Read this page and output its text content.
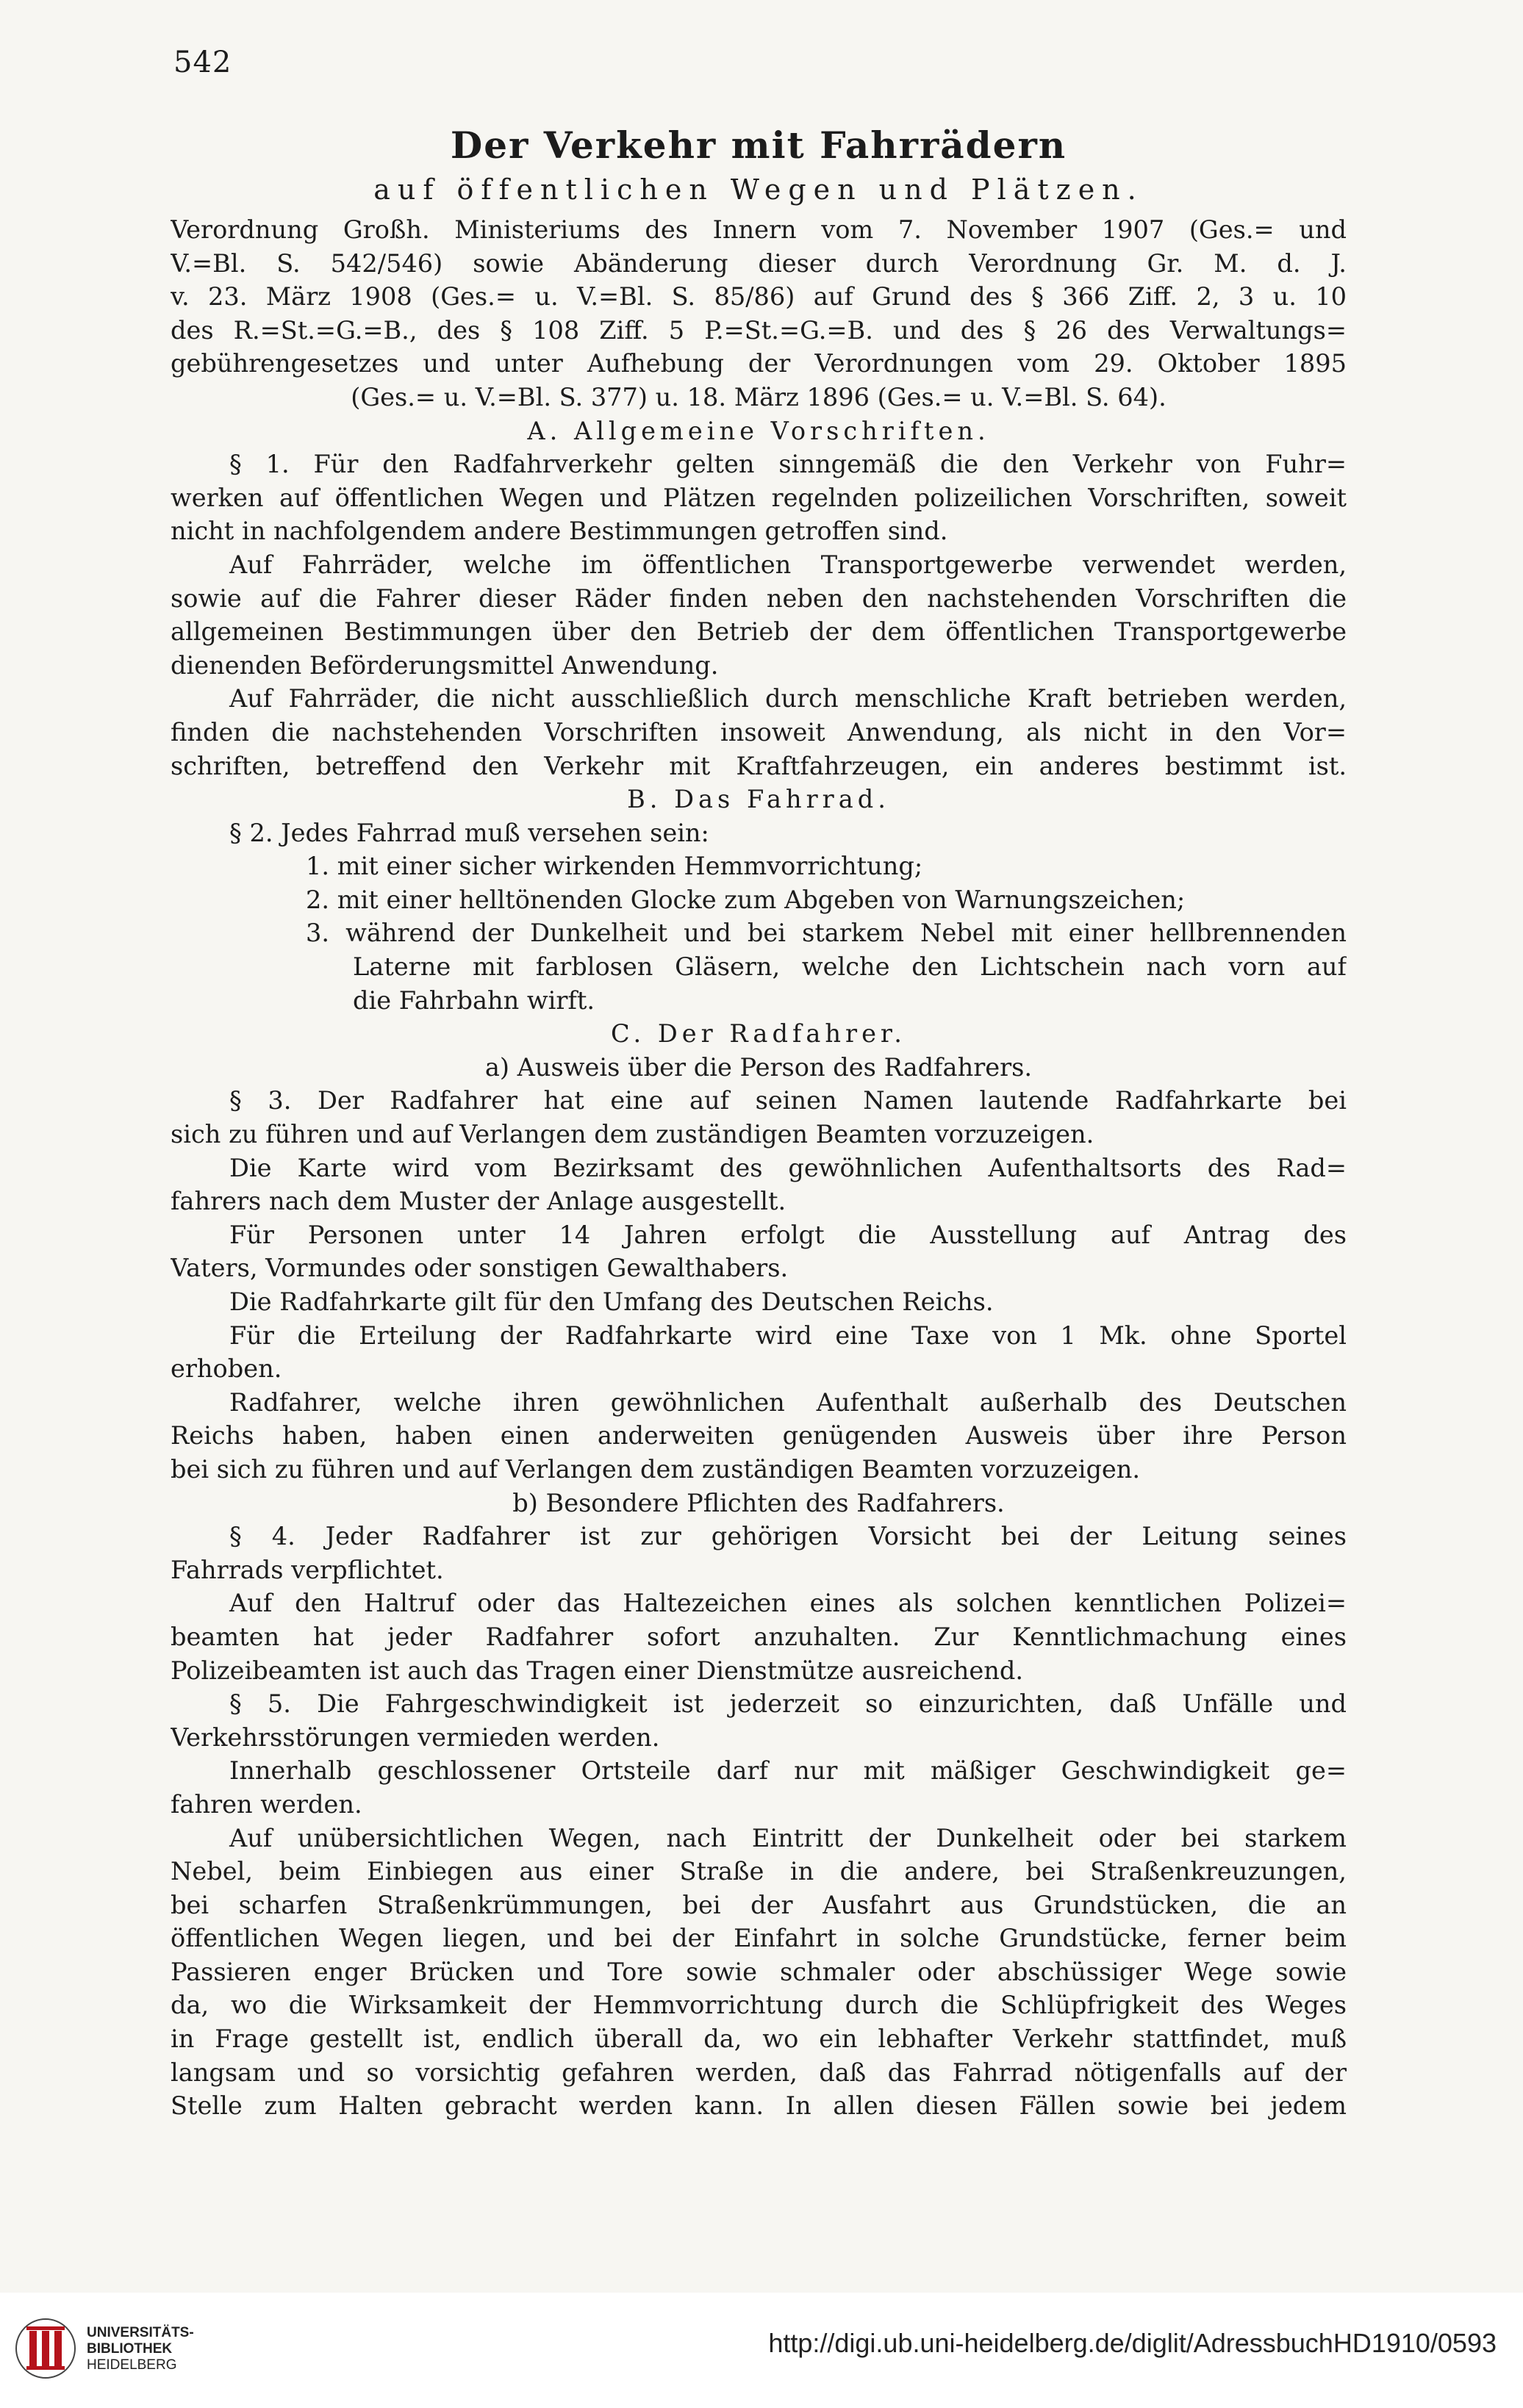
542
Der Verkehr mit Fahrrädern
auf öffentlichen Wegen und Plätzen.
Verordnung Großh. Ministeriums des Innern vom 7. November 1907 (Ges.= und
V.=Bl. S. 542/546) sowie Abänderung dieser durch Verordnung Gr. M. d. J.
v. 23. März 1908 (Ges.= u. V.=Bl. S. 85/86) auf Grund des § 366 Ziff. 2, 3 u. 10
des R.=St.=G.=B., des § 108 Ziff. 5 P.=St.=G.=B. und des § 26 des Verwaltungs=
gebührengesetzes und unter Aufhebung der Verordnungen vom 29. Oktober 1895
(Ges.= u. V.=Bl. S. 377) u. 18. März 1896 (Ges.= u. V.=Bl. S. 64).
A. Allgemeine Vorschriften.
§ 1. Für den Radfahrverkehr gelten sinngemäß die den Verkehr von Fuhr=
werken auf öffentlichen Wegen und Plätzen regelnden polizeilichen Vorschriften, soweit
nicht in nachfolgendem andere Bestimmungen getroffen sind.
Auf Fahrräder, welche im öffentlichen Transportgewerbe verwendet werden,
sowie auf die Fahrer dieser Räder finden neben den nachstehenden Vorschriften die
allgemeinen Bestimmungen über den Betrieb der dem öffentlichen Transportgewerbe
dienenden Beförderungsmittel Anwendung.
Auf Fahrräder, die nicht ausschließlich durch menschliche Kraft betrieben werden,
finden die nachstehenden Vorschriften insoweit Anwendung, als nicht in den Vor=
schriften, betreffend den Verkehr mit Kraftfahrzeugen, ein anderes bestimmt ist.
B. Das Fahrrad.
§ 2. Jedes Fahrrad muß versehen sein:
1. mit einer sicher wirkenden Hemmvorrichtung;
2. mit einer helltönenden Glocke zum Abgeben von Warnungszeichen;
3. während der Dunkelheit und bei starkem Nebel mit einer hellbrennenden
Laterne mit farblosen Gläsern, welche den Lichtschein nach vorn auf
die Fahrbahn wirft.
C. Der Radfahrer.
a) Ausweis über die Person des Radfahrers.
§ 3. Der Radfahrer hat eine auf seinen Namen lautende Radfahrkarte bei
sich zu führen und auf Verlangen dem zuständigen Beamten vorzuzeigen.
Die Karte wird vom Bezirksamt des gewöhnlichen Aufenthaltsorts des Rad=
fahrers nach dem Muster der Anlage ausgestellt.
Für Personen unter 14 Jahren erfolgt die Ausstellung auf Antrag des
Vaters, Vormundes oder sonstigen Gewalthabers.
Die Radfahrkarte gilt für den Umfang des Deutschen Reichs.
Für die Erteilung der Radfahrkarte wird eine Taxe von 1 Mk. ohne Sportel
erhoben.
Radfahrer, welche ihren gewöhnlichen Aufenthalt außerhalb des Deutschen
Reichs haben, haben einen anderweiten genügenden Ausweis über ihre Person
bei sich zu führen und auf Verlangen dem zuständigen Beamten vorzuzeigen.
b) Besondere Pflichten des Radfahrers.
§ 4. Jeder Radfahrer ist zur gehörigen Vorsicht bei der Leitung seines
Fahrrads verpflichtet.
Auf den Haltruf oder das Haltezeichen eines als solchen kenntlichen Polizei=
beamten hat jeder Radfahrer sofort anzuhalten. Zur Kenntlichmachung eines
Polizeibeamten ist auch das Tragen einer Dienstmütze ausreichend.
§ 5. Die Fahrgeschwindigkeit ist jederzeit so einzurichten, daß Unfälle und
Verkehrsstörungen vermieden werden.
Innerhalb geschlossener Ortsteile darf nur mit mäßiger Geschwindigkeit ge=
fahren werden.
Auf unübersichtlichen Wegen, nach Eintritt der Dunkelheit oder bei starkem
Nebel, beim Einbiegen aus einer Straße in die andere, bei Straßenkreuzungen,
bei scharfen Straßenkrümmungen, bei der Ausfahrt aus Grundstücken, die an
öffentlichen Wegen liegen, und bei der Einfahrt in solche Grundstücke, ferner beim
Passieren enger Brücken und Tore sowie schmaler oder abschüssiger Wege sowie
da, wo die Wirksamkeit der Hemmvorrichtung durch die Schlüpfrigkeit des Weges
in Frage gestellt ist, endlich überall da, wo ein lebhafter Verkehr stattfindet, muß
langsam und so vorsichtig gefahren werden, daß das Fahrrad nötigenfalls auf der
Stelle zum Halten gebracht werden kann. In allen diesen Fällen sowie bei jedem
UNIVERSITÄTS-
BIBLIOTHEK
HEIDELBERG
http://digi.ub.uni-heidelberg.de/diglit/AdressbuchHD1910/0593
